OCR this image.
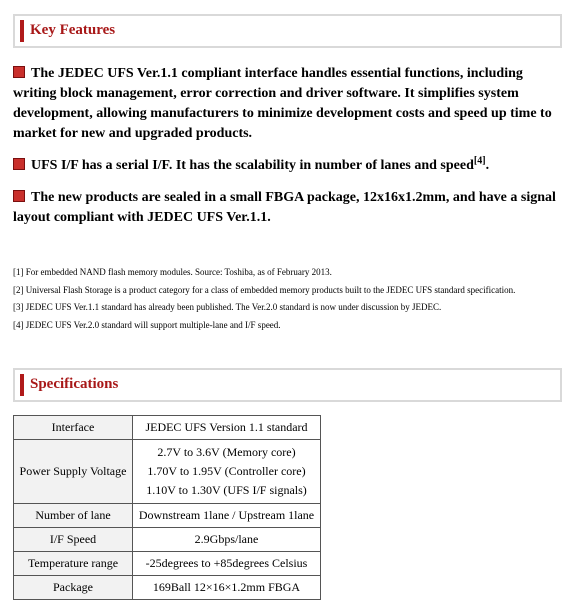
Key Features
The JEDEC UFS Ver.1.1 compliant interface handles essential functions, including writing block management, error correction and driver software. It simplifies system development, allowing manufacturers to minimize development costs and speed up time to market for new and upgraded products.
UFS I/F has a serial I/F. It has the scalability in number of lanes and speed[4].
The new products are sealed in a small FBGA package, 12x16x1.2mm, and have a signal layout compliant with JEDEC UFS Ver.1.1.
[1] For embedded NAND flash memory modules. Source: Toshiba, as of February 2013.
[2] Universal Flash Storage is a product category for a class of embedded memory products built to the JEDEC UFS standard specification.
[3] JEDEC UFS Ver.1.1 standard has already been published. The Ver.2.0 standard is now under discussion by JEDEC.
[4] JEDEC UFS Ver.2.0 standard will support multiple-lane and I/F speed.
Specifications
Interface	JEDEC UFS Version 1.1 standard
Power Supply Voltage	2.7V to 3.6V (Memory core)
1.70V to 1.95V (Controller core)
1.10V to 1.30V (UFS I/F signals)

Number of lane	Downstream 1lane / Upstream 1lane
I/F Speed	2.9Gbps/lane
Temperature range	-25degrees to +85degrees Celsius
Package	169Ball 12×16×1.2mm FBGA
